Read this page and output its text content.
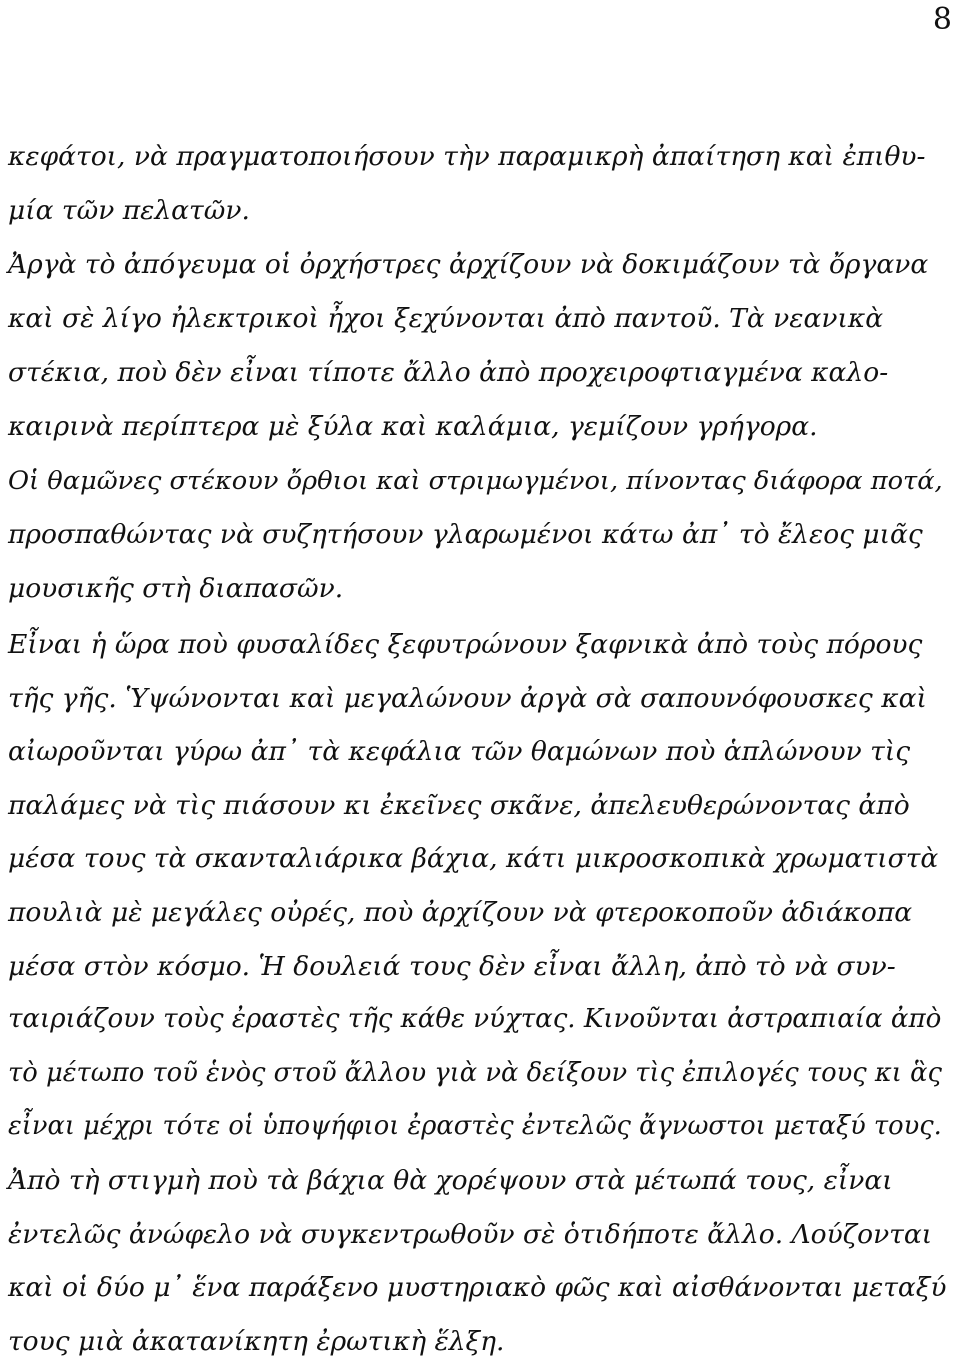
8
κεφάτοι, νὰ πραγματοποιήσουν τὴν παραμικρὴ ἀπαίτηση καὶ ἐπιθυ-
μία τῶν πελατῶν.
Ἀργὰ τὸ ἀπόγευμα οἱ ὀρχήστρες ἀρχίζουν νὰ δοκιμάζουν τὰ ὄργανα
καὶ σὲ λίγο ἠλεκτρικοὶ ἦχοι ξεχύνονται ἀπὸ παντοῦ. Τὰ νεανικὰ
στέκια, ποὺ δὲν εἶναι τίποτε ἄλλο ἀπὸ προχειροφτιαγμένα καλο-
καιρινὰ περίπτερα μὲ ξύλα καὶ καλάμια, γεμίζουν γρήγορα.
Οἱ θαμῶνες στέκουν ὄρθιοι καὶ στριμωγμένοι, πίνοντας διάφορα ποτά,
προσπαθώντας νὰ συζητήσουν γλαρωμένοι κάτω ἀπ᾽ τὸ ἔλεος μιᾶς
μουσικῆς στὴ διαπασῶν.
Εἶναι ἡ ὥρα ποὺ φυσαλίδες ξεφυτρώνουν ξαφνικὰ ἀπὸ τοὺς πόρους
τῆς γῆς. Ὑψώνονται καὶ μεγαλώνουν ἀργὰ σὰ σαπουνόφουσκες καὶ
αἰωροῦνται γύρω ἀπ᾽ τὰ κεφάλια τῶν θαμώνων ποὺ ἁπλώνουν τὶς
παλάμες νὰ τὶς πιάσουν κι ἐκεῖνες σκᾶνε, ἀπελευθερώνοντας ἀπὸ
μέσα τους τὰ σκανταλιάρικα βάχια, κάτι μικροσκοπικὰ χρωματιστὰ
πουλιὰ μὲ μεγάλες οὐρές, ποὺ ἀρχίζουν νὰ φτεροκοποῦν ἀδιάκοπα
μέσα στὸν κόσμο. Ἡ δουλειά τους δὲν εἶναι ἄλλη, ἀπὸ τὸ νὰ συν-
ταιριάζουν τοὺς ἐραστὲς τῆς κάθε νύχτας. Κινοῦνται ἀστραπιαία ἀπὸ
τὸ μέτωπο τοῦ ἑνὸς στοῦ ἄλλου γιὰ νὰ δείξουν τὶς ἐπιλογές τους κι ἃς
εἶναι μέχρι τότε οἱ ὑποψήφιοι ἐραστὲς ἐντελῶς ἄγνωστοι μεταξύ τους.
Ἀπὸ τὴ στιγμὴ ποὺ τὰ βάχια θὰ χορέψουν στὰ μέτωπά τους, εἶναι
ἐντελῶς ἀνώφελο νὰ συγκεντρωθοῦν σὲ ὁτιδήποτε ἄλλο. Λούζονται
καὶ οἱ δύο μ᾽ ἕνα παράξενο μυστηριακὸ φῶς καὶ αἰσθάνονται μεταξύ
τους μιὰ ἀκατανίκητη ἐρωτικὴ ἕλξη.
